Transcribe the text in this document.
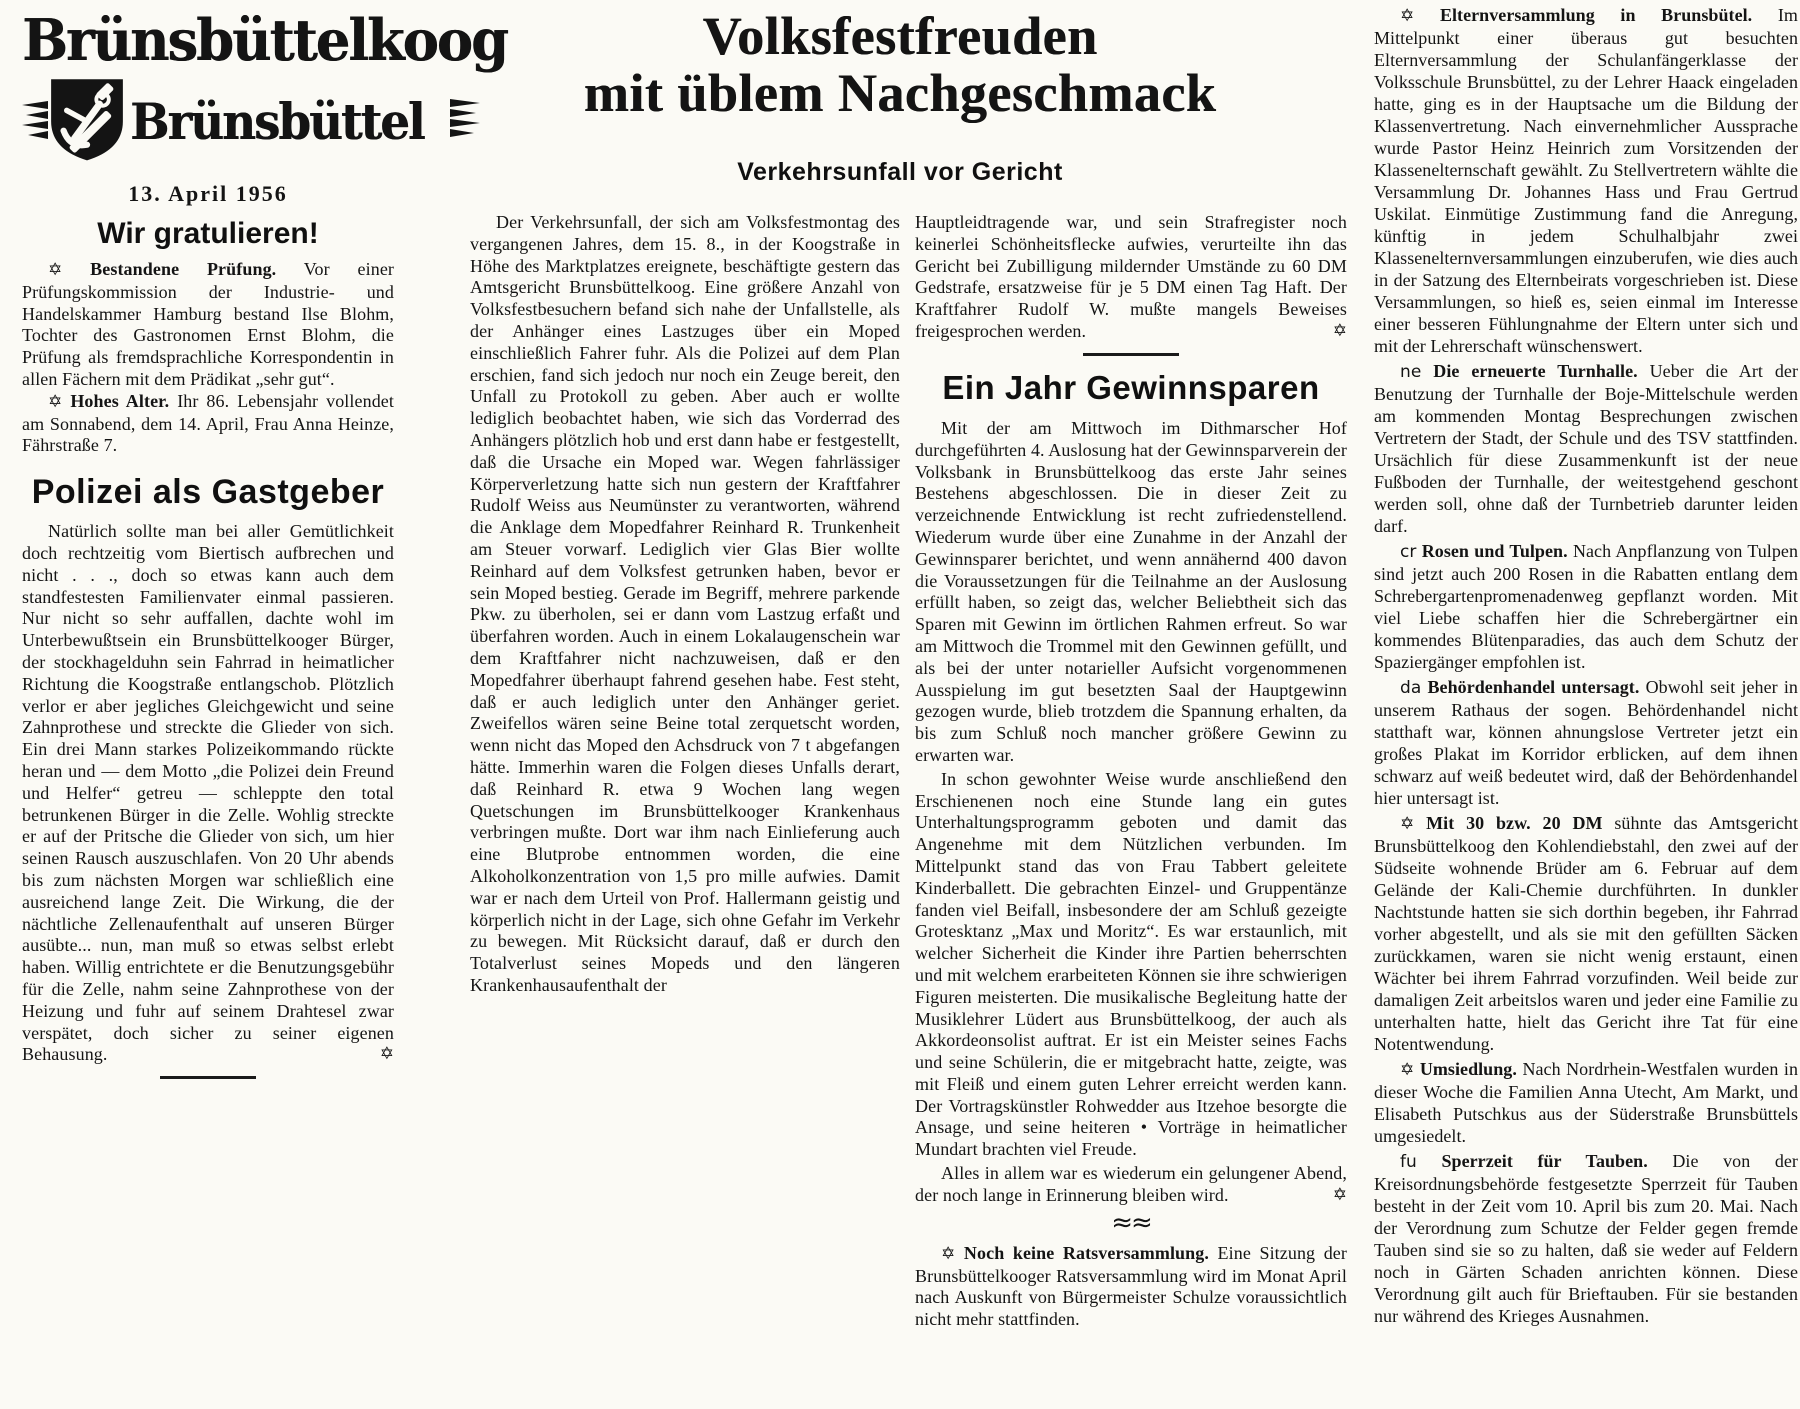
Brünsbüttelkoog
Brünsbüttel
13. April 1956
Wir gratulieren!

✡ Bestandene Prüfung. Vor einer Prüfungskommission der Industrie- und Handelskammer Hamburg bestand Ilse Blohm, Tochter des Gastronomen Ernst Blohm, die Prüfung als fremdsprachliche Korrespondentin in allen Fächern mit dem Prädikat „sehr gut“.

✡ Hohes Alter. Ihr 86. Lebensjahr vollendet am Sonnabend, dem 14. April, Frau Anna Heinze, Fährstraße 7.

Polizei als Gastgeber

Natürlich sollte man bei aller Gemütlichkeit doch rechtzeitig vom Biertisch aufbrechen und nicht . . ., doch so etwas kann auch dem standfestesten Familienvater einmal passieren. Nur nicht so sehr auffallen, dachte wohl im Unterbewußtsein ein Brunsbüttelkooger Bürger, der stockhagelduhn sein Fahrrad in heimatlicher Richtung die Koogstraße entlangschob. Plötzlich verlor er aber jegliches Gleichgewicht und seine Zahnprothese und streckte die Glieder von sich. Ein drei Mann starkes Polizeikommando rückte heran und — dem Motto „die Polizei dein Freund und Helfer“ getreu — schleppte den total betrunkenen Bürger in die Zelle. Wohlig streckte er auf der Pritsche die Glieder von sich, um hier seinen Rausch auszuschlafen. Von 20 Uhr abends bis zum nächsten Morgen war schließlich eine ausreichend lange Zeit. Die Wirkung, die der nächtliche Zellenaufenthalt auf unseren Bürger ausübte... nun, man muß so etwas selbst erlebt haben. Willig entrichtete er die Benutzungsgebühr für die Zelle, nahm seine Zahnprothese von der Heizung und fuhr auf seinem Drahtesel zwar verspätet, doch sicher zu seiner eigenen Behausung.	✡
Volksfestfreuden
mit üblem Nachgeschmack
Verkehrsunfall vor Gericht

Der Verkehrsunfall, der sich am Volksfestmontag des vergangenen Jahres, dem 15. 8., in der Koogstraße in Höhe des Marktplatzes ereignete, beschäftigte gestern das Amtsgericht Brunsbüttelkoog. Eine größere Anzahl von Volksfestbesuchern befand sich nahe der Unfallstelle, als der Anhänger eines Lastzuges über ein Moped einschließlich Fahrer fuhr. Als die Polizei auf dem Plan erschien, fand sich jedoch nur noch ein Zeuge bereit, den Unfall zu Protokoll zu geben. Aber auch er wollte lediglich beobachtet haben, wie sich das Vorderrad des Anhängers plötzlich hob und erst dann habe er festgestellt, daß die Ursache ein Moped war. Wegen fahrlässiger Körperverletzung hatte sich nun gestern der Kraftfahrer Rudolf Weiss aus Neumünster zu verantworten, während die Anklage dem Mopedfahrer Reinhard R. Trunkenheit am Steuer vorwarf. Lediglich vier Glas Bier wollte Reinhard auf dem Volksfest getrunken haben, bevor er sein Moped bestieg. Gerade im Begriff, mehrere parkende Pkw. zu überholen, sei er dann vom Lastzug erfaßt und überfahren worden. Auch in einem Lokalaugenschein war dem Kraftfahrer nicht nachzuweisen, daß er den Mopedfahrer überhaupt fahrend gesehen habe. Fest steht, daß er auch lediglich unter den Anhänger geriet. Zweifellos wären seine Beine total zerquetscht worden, wenn nicht das Moped den Achsdruck von 7 t abgefangen hätte. Immerhin waren die Folgen dieses Unfalls derart, daß Reinhard R. etwa 9 Wochen lang wegen Quetschungen im Brunsbüttelkooger Krankenhaus verbringen mußte. Dort war ihm nach Einlieferung auch eine Blutprobe entnommen worden, die eine Alkoholkonzentration von 1,5 pro mille aufwies. Damit war er nach dem Urteil von Prof. Hallermann geistig und körperlich nicht in der Lage, sich ohne Gefahr im Verkehr zu bewegen. Mit Rücksicht darauf, daß er durch den Totalverlust seines Mopeds und den längeren Krankenhausaufenthalt der

Hauptleidtragende war, und sein Strafregister noch keinerlei Schönheitsflecke aufwies, verurteilte ihn das Gericht bei Zubilligung mildernder Umstände zu 60 DM Gedstrafe, ersatzweise für je 5 DM einen Tag Haft. Der Kraftfahrer Rudolf W. mußte mangels Beweises freigesprochen werden.	✡
Ein Jahr Gewinnsparen

Mit der am Mittwoch im Dithmarscher Hof durchgeführten 4. Auslosung hat der Gewinnsparverein der Volksbank in Brunsbüttelkoog das erste Jahr seines Bestehens abgeschlossen. Die in dieser Zeit zu verzeichnende Entwicklung ist recht zufriedenstellend. Wiederum wurde über eine Zunahme in der Anzahl der Gewinnsparer berichtet, und wenn annähernd 400 davon die Voraussetzungen für die Teilnahme an der Auslosung erfüllt haben, so zeigt das, welcher Beliebtheit sich das Sparen mit Gewinn im örtlichen Rahmen erfreut. So war am Mittwoch die Trommel mit den Gewinnen gefüllt, und als bei der unter notarieller Aufsicht vorgenommenen Ausspielung im gut besetzten Saal der Hauptgewinn gezogen wurde, blieb trotzdem die Spannung erhalten, da bis zum Schluß noch mancher größere Gewinn zu erwarten war.

In schon gewohnter Weise wurde anschließend den Erschienenen noch eine Stunde lang ein gutes Unterhaltungsprogramm geboten und damit das Angenehme mit dem Nützlichen verbunden. Im Mittelpunkt stand das von Frau Tabbert geleitete Kinderballett. Die gebrachten Einzel- und Gruppentänze fanden viel Beifall, insbesondere der am Schluß gezeigte Grotesktanz „Max und Moritz“. Es war erstaunlich, mit welcher Sicherheit die Kinder ihre Partien beherrschten und mit welchem erarbeiteten Können sie ihre schwierigen Figuren meisterten. Die musikalische Begleitung hatte der Musiklehrer Lüdert aus Brunsbüttelkoog, der auch als Akkordeonsolist auftrat. Er ist ein Meister seines Fachs und seine Schülerin, die er mitgebracht hatte, zeigte, was mit Fleiß und einem guten Lehrer erreicht werden kann. Der Vortragskünstler Rohwedder aus Itzehoe besorgte die Ansage, und seine heiteren • Vorträge in heimatlicher Mundart brachten viel Freude.

Alles in allem war es wiederum ein gelungener Abend, der noch lange in Erinnerung bleiben wird.	✡
≈≈

✡ Noch keine Ratsversammlung. Eine Sitzung der Brunsbüttelkooger Ratsversammlung wird im Monat April nach Auskunft von Bürgermeister Schulze voraussichtlich nicht mehr stattfinden.

✡ Elternversammlung in Brunsbütel. Im Mittelpunkt einer überaus gut besuchten Elternversammlung der Schulanfängerklasse der Volksschule Brunsbüttel, zu der Lehrer Haack eingeladen hatte, ging es in der Hauptsache um die Bildung der Klassenvertretung. Nach einvernehmlicher Aussprache wurde Pastor Heinz Heinrich zum Vorsitzenden der Klassenelternschaft gewählt. Zu Stellvertretern wählte die Versammlung Dr. Johannes Hass und Frau Gertrud Uskilat. Einmütige Zustimmung fand die Anregung, künftig in jedem Schulhalbjahr zwei Klassenelternversammlungen einzuberufen, wie dies auch in der Satzung des Elternbeirats vorgeschrieben ist. Diese Versammlungen, so hieß es, seien einmal im Interesse einer besseren Fühlungnahme der Eltern unter sich und mit der Lehrerschaft wünschenswert.

ne Die erneuerte Turnhalle. Ueber die Art der Benutzung der Turnhalle der Boje-Mittelschule werden am kommenden Montag Besprechungen zwischen Vertretern der Stadt, der Schule und des TSV stattfinden. Ursächlich für diese Zusammenkunft ist der neue Fußboden der Turnhalle, der weitestgehend geschont werden soll, ohne daß der Turnbetrieb darunter leiden darf.

cr Rosen und Tulpen. Nach Anpflanzung von Tulpen sind jetzt auch 200 Rosen in die Rabatten entlang dem Schrebergartenpromenadenweg gepflanzt worden. Mit viel Liebe schaffen hier die Schrebergärtner ein kommendes Blütenparadies, das auch dem Schutz der Spaziergänger empfohlen ist.

da Behördenhandel untersagt. Obwohl seit jeher in unserem Rathaus der sogen. Behördenhandel nicht statthaft war, können ahnungslose Vertreter jetzt ein großes Plakat im Korridor erblicken, auf dem ihnen schwarz auf weiß bedeutet wird, daß der Behördenhandel hier untersagt ist.

✡ Mit 30 bzw. 20 DM sühnte das Amtsgericht Brunsbüttelkoog den Kohlendiebstahl, den zwei auf der Südseite wohnende Brüder am 6. Februar auf dem Gelände der Kali-Chemie durchführten. In dunkler Nachtstunde hatten sie sich dorthin begeben, ihr Fahrrad vorher abgestellt, und als sie mit den gefüllten Säcken zurückkamen, waren sie nicht wenig erstaunt, einen Wächter bei ihrem Fahrrad vorzufinden. Weil beide zur damaligen Zeit arbeitslos waren und jeder eine Familie zu unterhalten hatte, hielt das Gericht ihre Tat für eine Notentwendung.

✡ Umsiedlung. Nach Nordrhein-Westfalen wurden in dieser Woche die Familien Anna Utecht, Am Markt, und Elisabeth Putschkus aus der Süderstraße Brunsbüttels umgesiedelt.

fu Sperrzeit für Tauben. Die von der Kreisordnungsbehörde festgesetzte Sperrzeit für Tauben besteht in der Zeit vom 10. April bis zum 20. Mai. Nach der Verordnung zum Schutze der Felder gegen fremde Tauben sind sie so zu halten, daß sie weder auf Feldern noch in Gärten Schaden anrichten können. Diese Verordnung gilt auch für Brieftauben. Für sie bestanden nur während des Krieges Ausnahmen.
